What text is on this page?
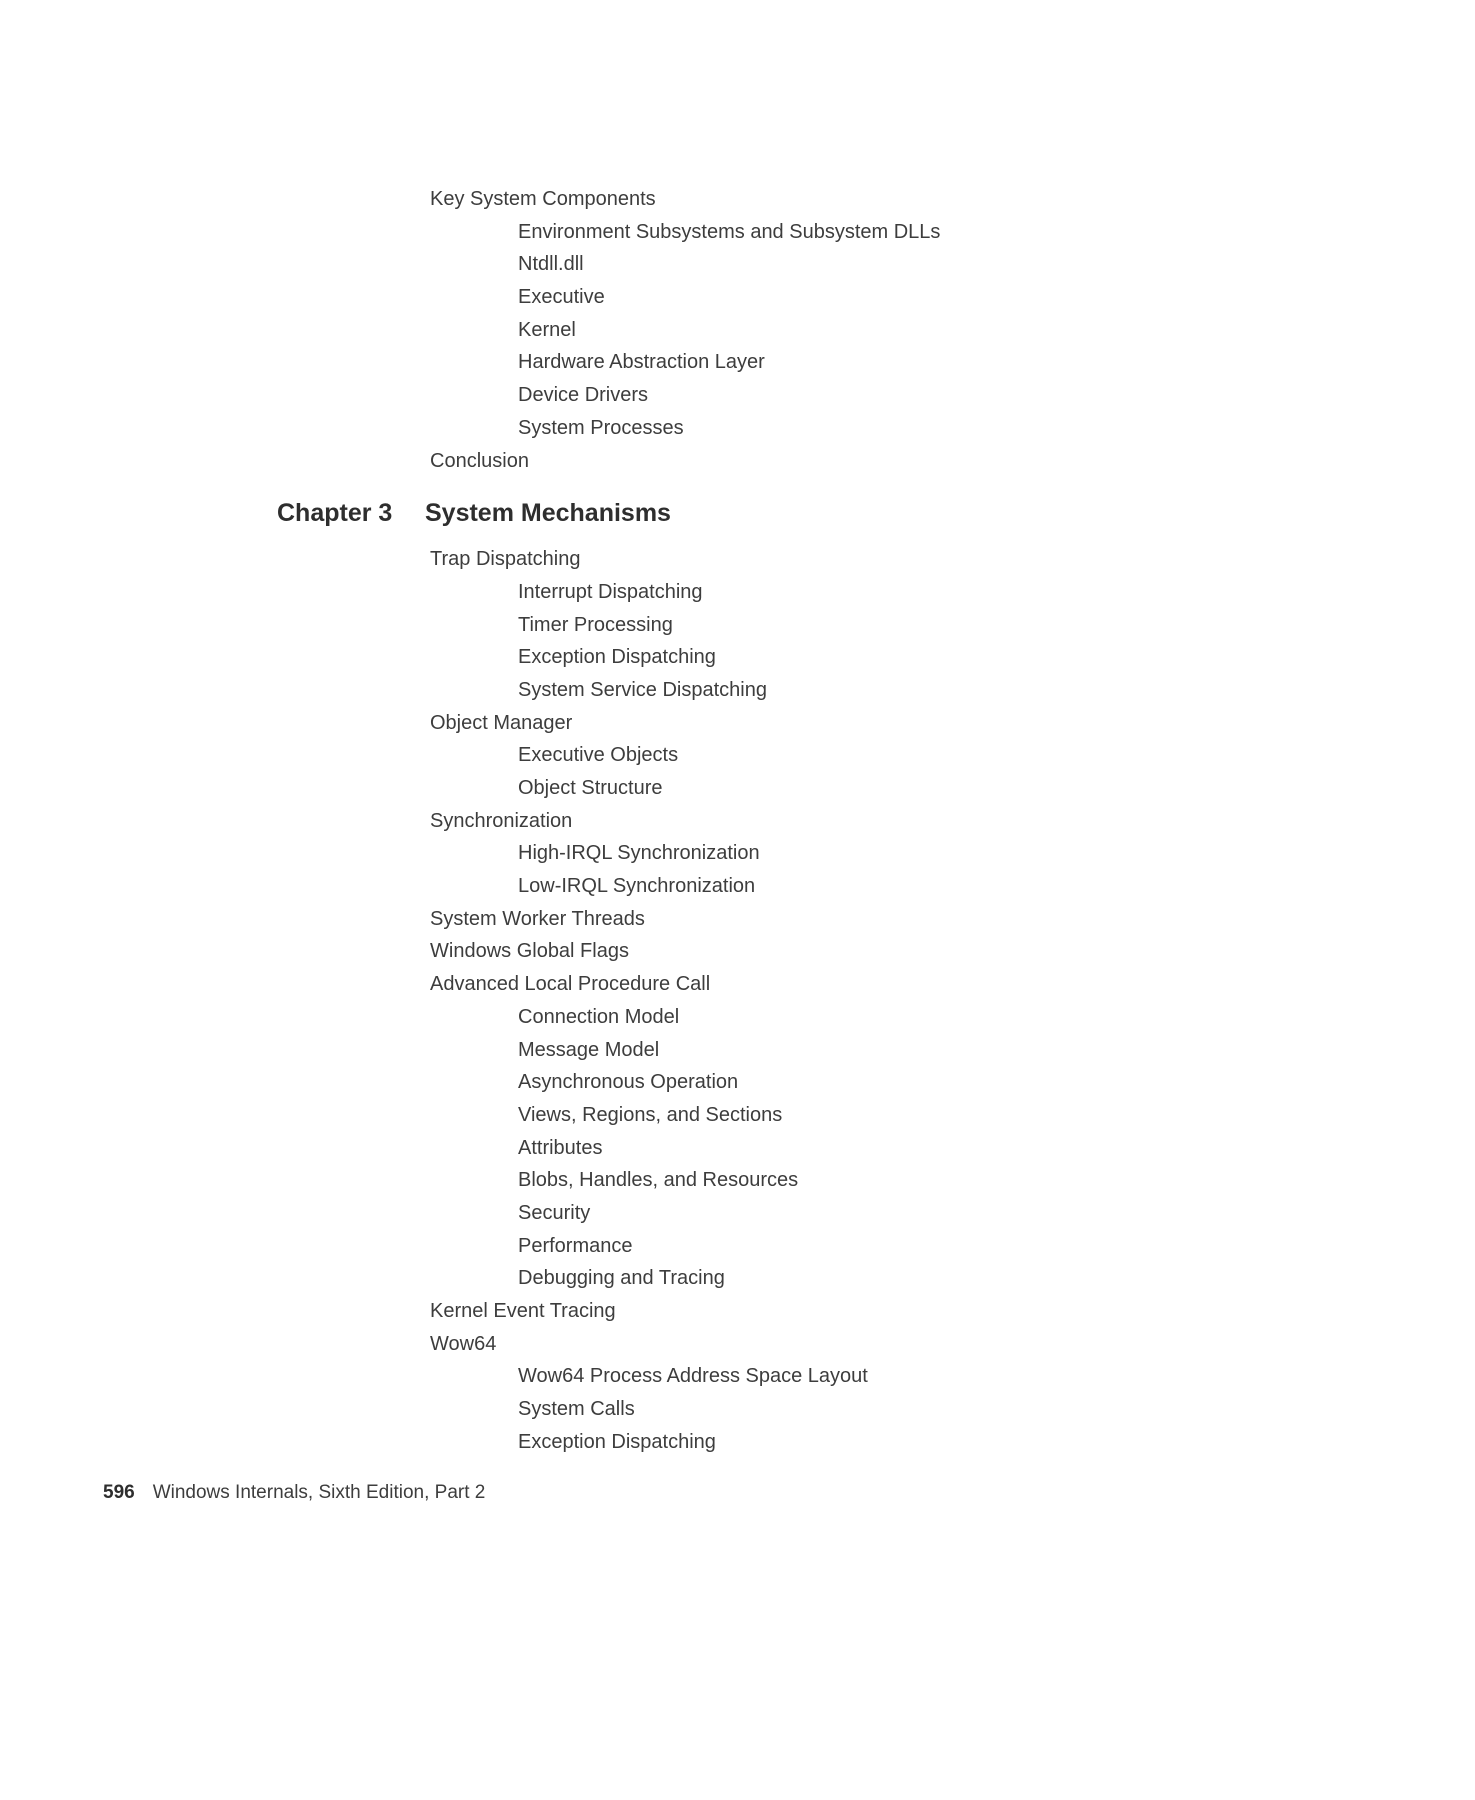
Key System Components
Environment Subsystems and Subsystem DLLs
Ntdll.dll
Executive
Kernel
Hardware Abstraction Layer
Device Drivers
System Processes
Conclusion
Chapter 3 System Mechanisms
Trap Dispatching
Interrupt Dispatching
Timer Processing
Exception Dispatching
System Service Dispatching
Object Manager
Executive Objects
Object Structure
Synchronization
High-IRQL Synchronization
Low-IRQL Synchronization
System Worker Threads
Windows Global Flags
Advanced Local Procedure Call
Connection Model
Message Model
Asynchronous Operation
Views, Regions, and Sections
Attributes
Blobs, Handles, and Resources
Security
Performance
Debugging and Tracing
Kernel Event Tracing
Wow64
Wow64 Process Address Space Layout
System Calls
Exception Dispatching
596 Windows Internals, Sixth Edition, Part 2
